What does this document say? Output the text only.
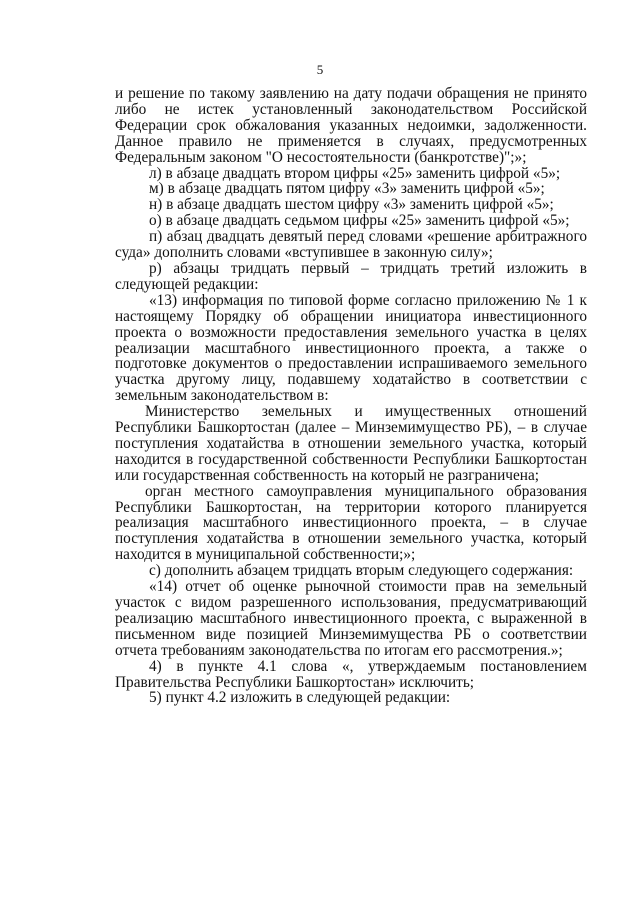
5

и решение по такому заявлению на дату подачи обращения не принято либо не истек установленный законодательством Российской Федерации срок обжалования указанных недоимки, задолженности. Данное правило не применяется в случаях, предусмотренных Федеральным законом "О несостоятельности (банкротстве)";»;

л) в абзаце двадцать втором цифры «25» заменить цифрой «5»;

м) в абзаце двадцать пятом цифру «3» заменить цифрой «5»;

н) в абзаце двадцать шестом цифру «3» заменить цифрой «5»;

о) в абзаце двадцать седьмом цифры «25» заменить цифрой «5»;

п) абзац двадцать девятый перед словами «решение арбитражного суда» дополнить словами «вступившее в законную силу»;

р) абзацы тридцать первый – тридцать третий изложить в следующей редакции:

«13) информация по типовой форме согласно приложению № 1 к настоящему Порядку об обращении инициатора инвестиционного проекта о возможности предоставления земельного участка в целях реализации масштабного инвестиционного проекта, а также о подготовке документов о предоставлении испрашиваемого земельного участка другому лицу, подавшему ходатайство в соответствии с земельным законодательством в:

Министерство земельных и имущественных отношений Республики Башкортостан (далее – Минземимущество РБ), – в случае поступления ходатайства в отношении земельного участка, который находится в государственной собственности Республики Башкортостан или государственная собственность на который не разграничена;

орган местного самоуправления муниципального образования Республики Башкортостан, на территории которого планируется реализация масштабного инвестиционного проекта, – в случае поступления ходатайства в отношении земельного участка, который находится в муниципальной собственности;»;

с) дополнить абзацем тридцать вторым следующего содержания:

«14) отчет об оценке рыночной стоимости прав на земельный участок с видом разрешенного использования, предусматривающий реализацию масштабного инвестиционного проекта, с выраженной в письменном виде позицией Минземимущества РБ о соответствии отчета требованиям законодательства по итогам его рассмотрения.»;

4) в пункте 4.1 слова «, утверждаемым постановлением Правительства Республики Башкортостан» исключить;

5) пункт 4.2 изложить в следующей редакции:
